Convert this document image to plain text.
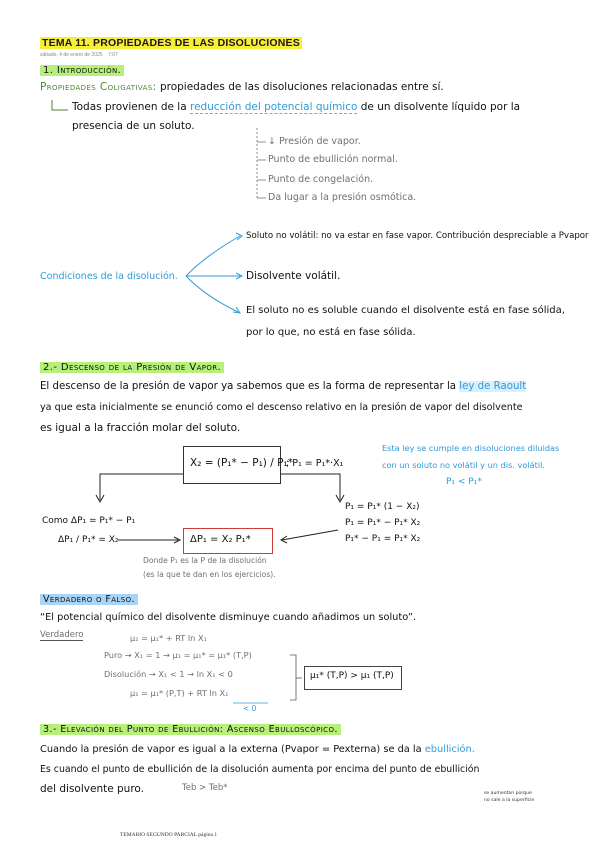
TEMA 11. PROPIEDADES DE LAS DISOLUCIONES
sábado, 4 de enero de 2025 7:07
1. Introducción.
Propiedades Coligativas: propiedades de las disoluciones relacionadas entre sí.
Todas provienen de la reducción del potencial químico de un disolvente líquido por la
presencia de un soluto.
↓ Presión de vapor.
Punto de ebullición normal.
Punto de congelación.
Da lugar a la presión osmótica.
Condiciones de la disolución.
Soluto no volátil: no va estar en fase vapor. Contribución despreciable a Pvapor
Disolvente volátil.
El soluto no es soluble cuando el disolvente está en fase sólida,
por lo que, no está en fase sólida.
2.- Descenso de la Presión de Vapor.
El descenso de la presión de vapor ya sabemos que es la forma de representar la ley de Raoult
ya que esta inicialmente se enunció como el descenso relativo en la presión de vapor del disolvente
es igual a la fracción molar del soluto.
X₂ = (P₁* − P₁) / P₁*
; P₁ = P₁*·X₁
Esta ley se cumple en disoluciones diluidas
con un soluto no volátil y un dis. volátil.
P₁ < P₁*
P₁ = P₁* (1 − X₂)
P₁ = P₁* − P₁* X₂
P₁* − P₁ = P₁* X₂
Como ΔP₁ = P₁* − P₁
ΔP₁ / P₁* = X₂	ΔP₁ = X₂ P₁*
Donde P₁ es la P de la disolución
(es la que te dan en los ejercicios).
Verdadero o Falso.
“El potencial químico del disolvente disminuye cuando añadimos un soluto”.
Verdadero	μ₁ = μ₁* + RT ln X₁
Puro → X₁ = 1 → μ₁ = μ₁* = μ₁* (T,P)
Disolución → X₁ < 1 → ln X₁ < 0
μ₁ = μ₁* (P,T) + RT ln X₁
< 0
μ₁* (T,P) > μ₁ (T,P)
3.- Elevación del Punto de Ebullición: Ascenso Ebulloscópico.
Cuando la presión de vapor es igual a la externa (Pvapor = Pexterna) se da la ebullición.
Es cuando el punto de ebullición de la disolución aumenta por encima del punto de ebullición
del disolvente puro.	Teb > Teb*
se aumentan porque
no sale a la superficie
TEMARIO SEGUNDO PARCIAL página 1
